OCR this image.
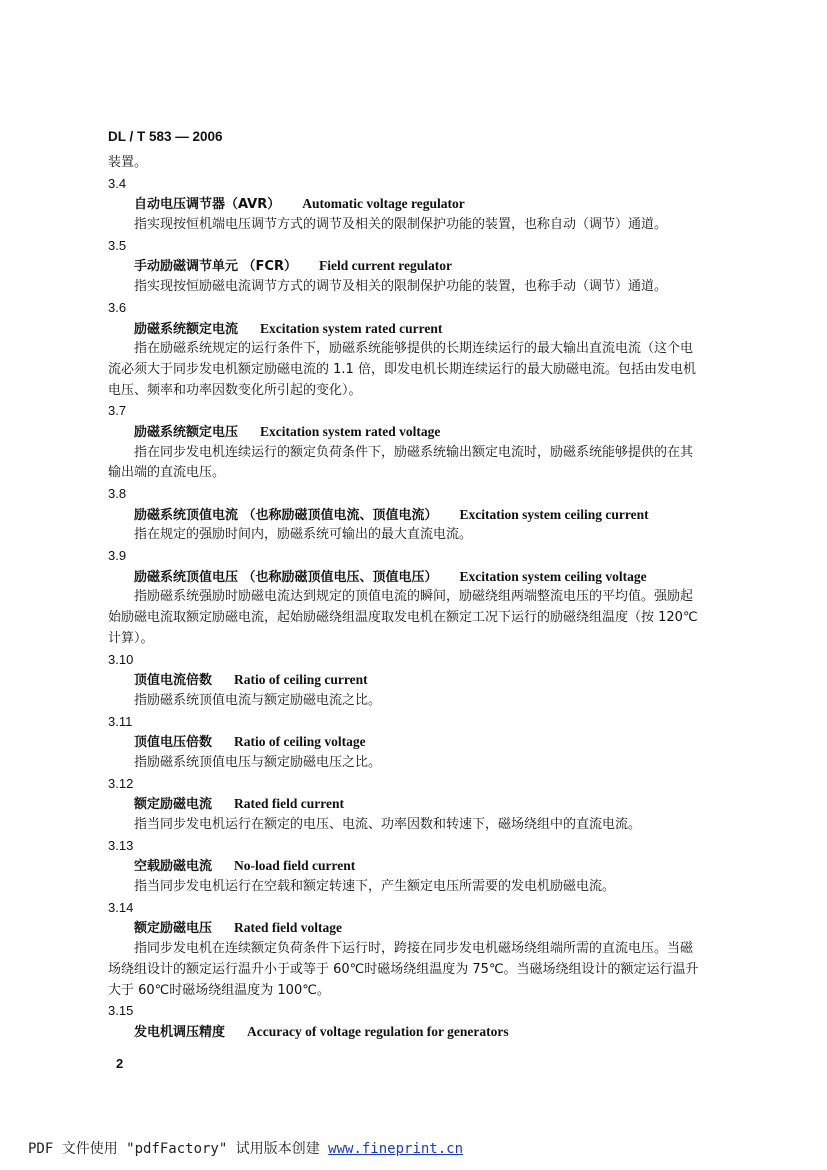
DL / T 583 — 2006
装置。
3.4
自动电压调节器（AVR） Automatic voltage regulator
指实现按恒机端电压调节方式的调节及相关的限制保护功能的装置，也称自动（调节）通道。
3.5
手动励磁调节单元 （FCR） Field current regulator
指实现按恒励磁电流调节方式的调节及相关的限制保护功能的装置，也称手动（调节）通道。
3.6
励磁系统额定电流 Excitation system rated current
指在励磁系统规定的运行条件下，励磁系统能够提供的长期连续运行的最大输出直流电流（这个电
流必须大于同步发电机额定励磁电流的 1.1 倍，即发电机长期连续运行的最大励磁电流。包括由发电机
电压、频率和功率因数变化所引起的变化）。
3.7
励磁系统额定电压 Excitation system rated voltage
指在同步发电机连续运行的额定负荷条件下，励磁系统输出额定电流时，励磁系统能够提供的在其
输出端的直流电压。
3.8
励磁系统顶值电流 （也称励磁顶值电流、顶值电流） Excitation system ceiling current
指在规定的强励时间内，励磁系统可输出的最大直流电流。
3.9
励磁系统顶值电压 （也称励磁顶值电压、顶值电压） Excitation system ceiling voltage
指励磁系统强励时励磁电流达到规定的顶值电流的瞬间，励磁绕组两端整流电压的平均值。强励起
始励磁电流取额定励磁电流，起始励磁绕组温度取发电机在额定工况下运行的励磁绕组温度（按 120℃
计算）。
3.10
顶值电流倍数 Ratio of ceiling current
指励磁系统顶值电流与额定励磁电流之比。
3.11
顶值电压倍数 Ratio of ceiling voltage
指励磁系统顶值电压与额定励磁电压之比。
3.12
额定励磁电流 Rated field current
指当同步发电机运行在额定的电压、电流、功率因数和转速下，磁场绕组中的直流电流。
3.13
空载励磁电流 No-load field current
指当同步发电机运行在空载和额定转速下，产生额定电压所需要的发电机励磁电流。
3.14
额定励磁电压 Rated field voltage
指同步发电机在连续额定负荷条件下运行时，跨接在同步发电机磁场绕组端所需的直流电压。当磁
场绕组设计的额定运行温升小于或等于 60℃时磁场绕组温度为 75℃。当磁场绕组设计的额定运行温升
大于 60℃时磁场绕组温度为 100℃。
3.15
发电机调压精度 Accuracy of voltage regulation for generators
2
PDF 文件使用 "pdfFactory" 试用版本创建 www.fineprint.cn
